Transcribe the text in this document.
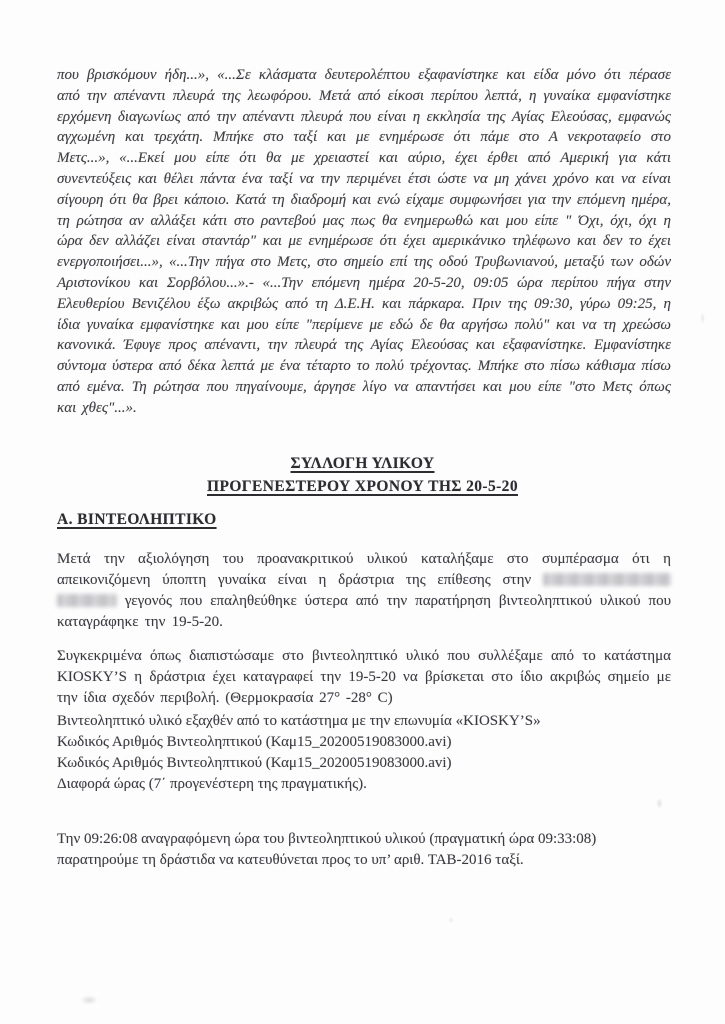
που βρισκόμουν ήδη...», «...Σε κλάσματα δευτερολέπτου εξαφανίστηκε και είδα μόνο ότι πέρασε από την απέναντι πλευρά της λεωφόρου. Μετά από είκοσι περίπου λεπτά, η γυναίκα εμφανίστηκε ερχόμενη διαγωνίως από την απέναντι πλευρά που είναι η εκκλησία της Αγίας Ελεούσας, εμφανώς αγχωμένη και τρεχάτη. Μπήκε στο ταξί και με ενημέρωσε ότι πάμε στο Α νεκροταφείο στο Μετς...», «...Εκεί μου είπε ότι θα με χρειαστεί και αύριο, έχει έρθει από Αμερική για κάτι συνεντεύξεις και θέλει πάντα ένα ταξί να την περιμένει έτσι ώστε να μη χάνει χρόνο και να είναι σίγουρη ότι θα βρει κάποιο. Κατά τη διαδρομή και ενώ είχαμε συμφωνήσει για την επόμενη ημέρα, τη ρώτησα αν αλλάξει κάτι στο ραντεβού μας πως θα ενημερωθώ και μου είπε " Όχι, όχι, όχι η ώρα δεν αλλάζει είναι σταντάρ" και με ενημέρωσε ότι έχει αμερικάνικο τηλέφωνο και δεν το έχει ενεργοποιήσει...», «...Την πήγα στο Μετς, στο σημείο επί της οδού Τρυβωνιανού, μεταξύ των οδών Αριστονίκου και Σορβόλου...».- «...Την επόμενη ημέρα 20-5-20, 09:05 ώρα περίπου πήγα στην Ελευθερίου Βενιζέλου έξω ακριβώς από τη Δ.Ε.Η. και πάρκαρα. Πριν της 09:30, γύρω 09:25, η ίδια γυναίκα εμφανίστηκε και μου είπε "περίμενε με εδώ δε θα αργήσω πολύ" και να τη χρεώσω κανονικά. Έφυγε προς απέναντι, την πλευρά της Αγίας Ελεούσας και εξαφανίστηκε. Εμφανίστηκε σύντομα ύστερα από δέκα λεπτά με ένα τέταρτο το πολύ τρέχοντας. Μπήκε στο πίσω κάθισμα πίσω από εμένα. Τη ρώτησα που πηγαίνουμε, άργησε λίγο να απαντήσει και μου είπε "στο Μετς όπως και χθες"...».

ΣΥΛΛΟΓΗ ΥΛΙΚΟΥ
ΠΡΟΓΕΝΕΣΤΕΡΟΥ ΧΡΟΝΟΥ ΤΗΣ 20-5-20
Α. ΒΙΝΤΕΟΛΗΠΤΙΚΟ

Μετά την αξιολόγηση του προανακριτικού υλικού καταλήξαμε στο συμπέρασμα ότι η απεικονιζόμενη ύποπτη γυναίκα είναι η δράστρια της επίθεσης στην   γεγονός που επαληθεύθηκε ύστερα από την παρατήρηση βιντεοληπτικού υλικού που καταγράφηκε την 19-5-20.

Συγκεκριμένα όπως διαπιστώσαμε στο βιντεοληπτικό υλικό που συλλέξαμε από το κατάστημα KIOSKY’S η δράστρια έχει καταγραφεί την 19-5-20 να βρίσκεται στο ίδιο ακριβώς σημείο με την ίδια σχεδόν περιβολή. (Θερμοκρασία 27° -28° C)

Βιντεοληπτικό υλικό εξαχθέν από το κατάστημα με την επωνυμία «KIOSKY’S»
Κωδικός Αριθμός Βιντεοληπτικού (Καμ15_20200519083000.avi)
Κωδικός Αριθμός Βιντεοληπτικού (Καμ15_20200519083000.avi)
Διαφορά ώρας (7΄ προγενέστερη της πραγματικής).

Την 09:26:08 αναγραφόμενη ώρα του βιντεοληπτικού υλικού (πραγματική ώρα 09:33:08) παρατηρούμε τη δράστιδα να κατευθύνεται προς το υπ’ αριθ. ΤΑΒ-2016 ταξί.
